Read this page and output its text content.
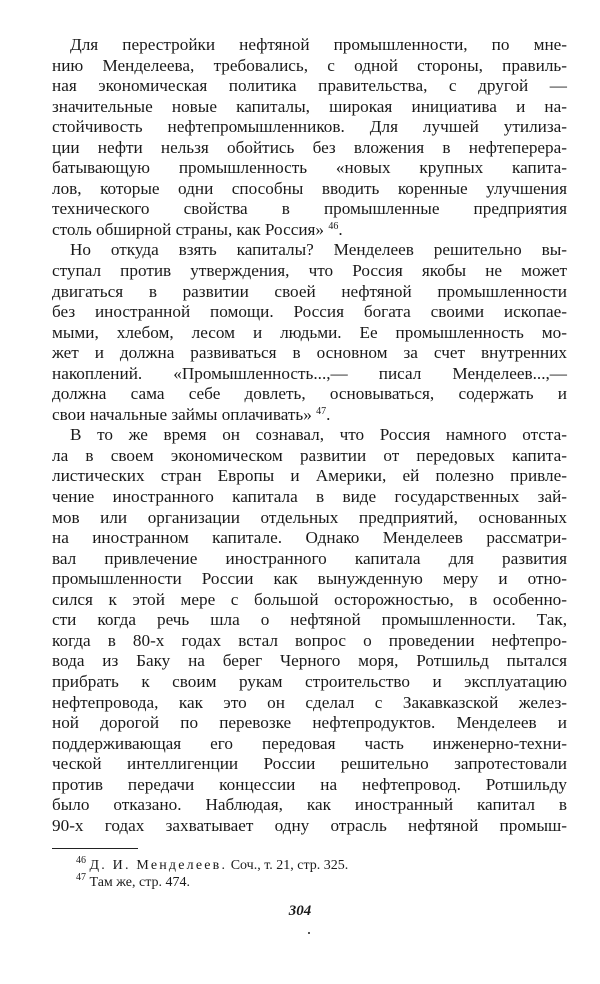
Для перестройки нефтяной промышленности, по мне-
нию Менделеева, требовались, с одной стороны, правиль-
ная экономическая политика правительства, с другой —
значительные новые капиталы, широкая инициатива и на-
стойчивость нефтепромышленников. Для лучшей утилиза-
ции нефти нельзя обойтись без вложения в нефтеперера-
батывающую промышленность «новых крупных капита-
лов, которые одни способны вводить коренные улучшения
технического свойства в промышленные предприятия
столь обширной страны, как Россия» $^{46}$.
Но откуда взять капиталы? Менделеев решительно вы-
ступал против утверждения, что Россия якобы не может
двигаться в развитии своей нефтяной промышленности
без иностранной помощи. Россия богата своими ископае-
мыми, хлебом, лесом и людьми. Ее промышленность мо-
жет и должна развиваться в основном за счет внутренних
накоплений. «Промышленность...,— писал Менделеев...,—
должна сама себе довлеть, основываться, содержать и
свои начальные займы оплачивать» $^{47}$.
В то же время он сознавал, что Россия намного отста-
ла в своем экономическом развитии от передовых капита-
листических стран Европы и Америки, ей полезно привле-
чение иностранного капитала в виде государственных зай-
мов или организации отдельных предприятий, основанных
на иностранном капитале. Однако Менделеев рассматри-
вал привлечение иностранного капитала для развития
промышленности России как вынужденную меру и отно-
сился к этой мере с большой осторожностью, в особенно-
сти когда речь шла о нефтяной промышленности. Так,
когда в 80-х годах встал вопрос о проведении нефтепро-
вода из Баку на берег Черного моря, Ротшильд пытался
прибрать к своим рукам строительство и эксплуатацию
нефтепровода, как это он сделал с Закавказской желез-
ной дорогой по перевозке нефтепродуктов. Менделеев и
поддерживающая его передовая часть инженерно-техни-
ческой интеллигенции России решительно запротестовали
против передачи концессии на нефтепровод. Ротшильду
было отказано. Наблюдая, как иностранный капитал в
90-х годах захватывает одну отрасль нефтяной промыш-
$^{46}$ Д. И. Менделеев. Соч., т. 21, стр. 325.
$^{47}$ Там же, стр. 474.
304
